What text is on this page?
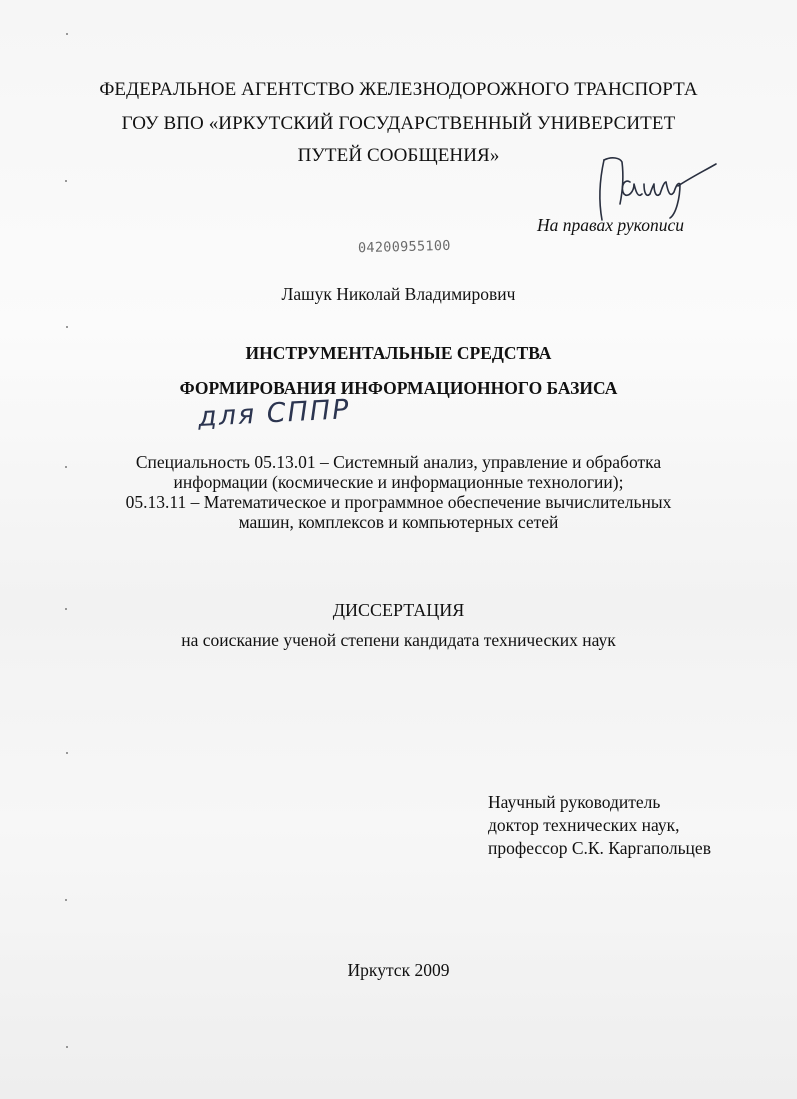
ФЕДЕРАЛЬНОЕ АГЕНТСТВО ЖЕЛЕЗНОДОРОЖНОГО ТРАНСПОРТА
ГОУ ВПО «ИРКУТСКИЙ ГОСУДАРСТВЕННЫЙ УНИВЕРСИТЕТ
ПУТЕЙ СООБЩЕНИЯ»
На правах рукописи
04200955100
Лашук Николай Владимирович
ИНСТРУМЕНТАЛЬНЫЕ СРЕДСТВА
ФОРМИРОВАНИЯ ИНФОРМАЦИОННОГО БАЗИСА
для СППР
Специальность 05.13.01 – Системный анализ, управление и обработка
информации (космические и информационные технологии);
05.13.11 – Математическое и программное обеспечение вычислительных
машин, комплексов и компьютерных сетей
ДИССЕРТАЦИЯ
на соискание ученой степени кандидата технических наук
Научный руководитель
доктор технических наук,
профессор С.К. Каргапольцев
Иркутск 2009
